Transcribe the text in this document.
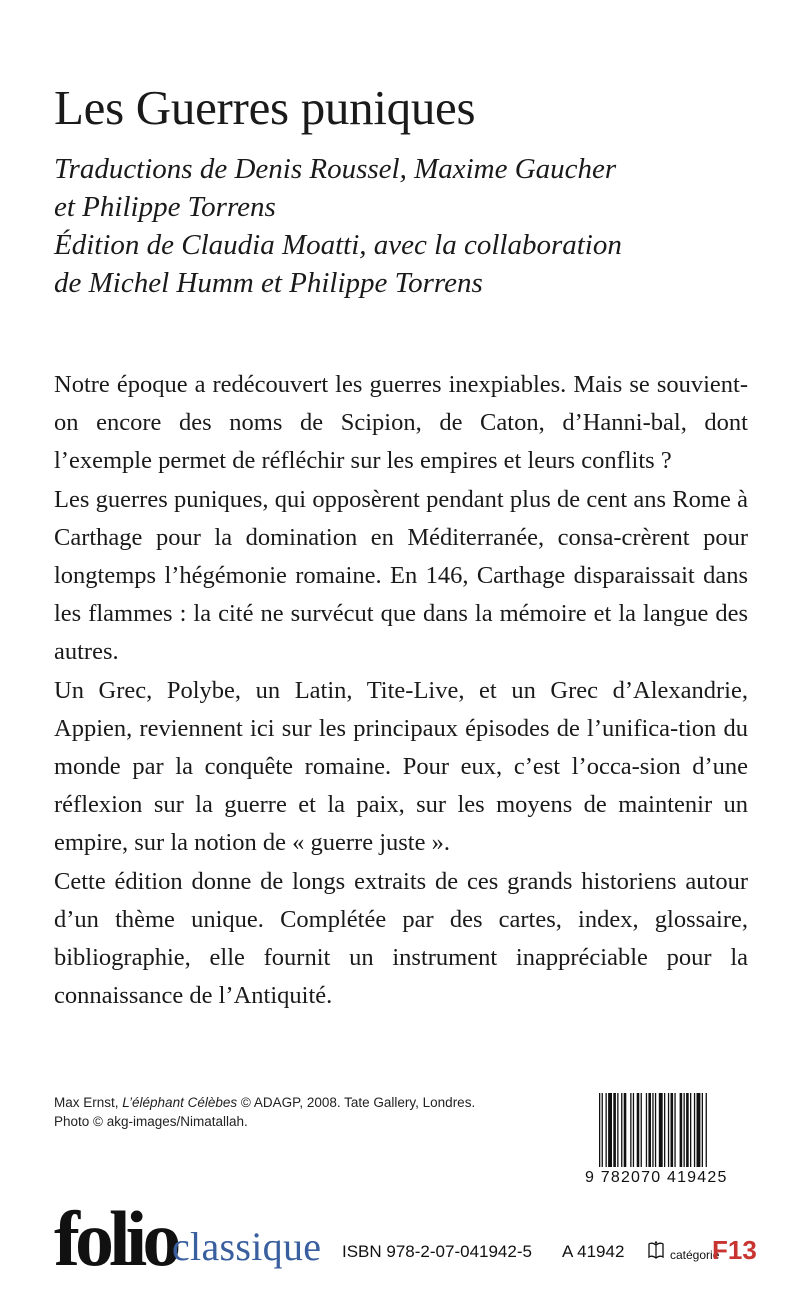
Les Guerres puniques
Traductions de Denis Roussel, Maxime Gaucher
et Philippe Torrens
Édition de Claudia Moatti, avec la collaboration
de Michel Humm et Philippe Torrens
Notre époque a redécouvert les guerres inexpiables. Mais se souvient-on encore des noms de Scipion, de Caton, d’Hanni-bal, dont l’exemple permet de réfléchir sur les empires et leurs conflits ?
Les guerres puniques, qui opposèrent pendant plus de cent ans Rome à Carthage pour la domination en Méditerranée, consa-crèrent pour longtemps l’hégémonie romaine. En 146, Carthage disparaissait dans les flammes : la cité ne survécut que dans la mémoire et la langue des autres.
Un Grec, Polybe, un Latin, Tite-Live, et un Grec d’Alexandrie, Appien, reviennent ici sur les principaux épisodes de l’unifica-tion du monde par la conquête romaine. Pour eux, c’est l’occa-sion d’une réflexion sur la guerre et la paix, sur les moyens de maintenir un empire, sur la notion de « guerre juste ».
Cette édition donne de longs extraits de ces grands historiens autour d’un thème unique. Complétée par des cartes, index, glossaire, bibliographie, elle fournit un instrument inappréciable pour la connaissance de l’Antiquité.
Max Ernst, L’éléphant Célèbes © ADAGP, 2008. Tate Gallery, Londres.
Photo © akg-images/Nimatallah.
9 782070 419425
folio
classique ISBN 978-2-07-041942-5 A 41942	catégorie
F13
